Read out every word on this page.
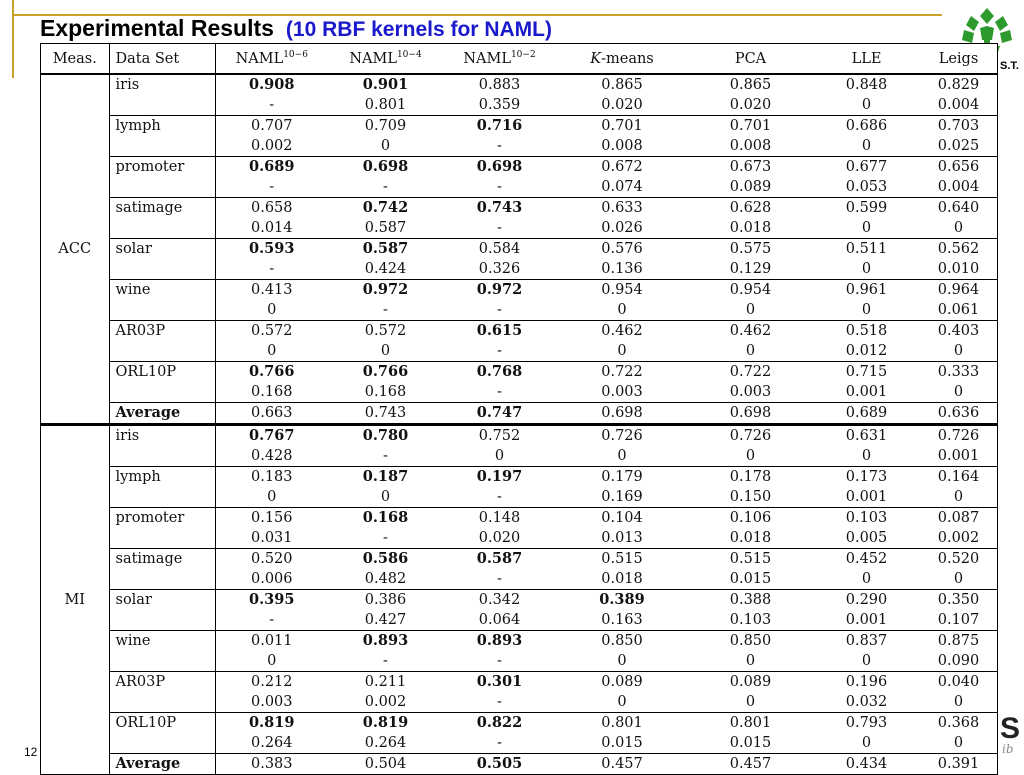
Experimental Results (10 RBF kernels for NAML)
S.T.
Meas.	Data Set	$NAML^{10-6}$	$NAML^{10-4}$	$NAML^{10-2}$	K-means	PCA	LLE	Leigs
ACC	iris	0.908	0.901	0.883	0.865	0.865	0.848	0.829
		-	0.801	0.359	0.020	0.020	0	0.004
	lymph	0.707	0.709	0.716	0.701	0.701	0.686	0.703
		0.002	0	-	0.008	0.008	0	0.025
	promoter	0.689	0.698	0.698	0.672	0.673	0.677	0.656
		-	-	-	0.074	0.089	0.053	0.004
	satimage	0.658	0.742	0.743	0.633	0.628	0.599	0.640
		0.014	0.587	-	0.026	0.018	0	0
	solar	0.593	0.587	0.584	0.576	0.575	0.511	0.562
		-	0.424	0.326	0.136	0.129	0	0.010
	wine	0.413	0.972	0.972	0.954	0.954	0.961	0.964
		0	-	-	0	0	0	0.061
	AR03P	0.572	0.572	0.615	0.462	0.462	0.518	0.403
		0	0	-	0	0	0.012	0
	ORL10P	0.766	0.766	0.768	0.722	0.722	0.715	0.333
		0.168	0.168	-	0.003	0.003	0.001	0
	Average	0.663	0.743	0.747	0.698	0.698	0.689	0.636
MI	iris	0.767	0.780	0.752	0.726	0.726	0.631	0.726
		0.428	-	0	0	0	0	0.001
	lymph	0.183	0.187	0.197	0.179	0.178	0.173	0.164
		0	0	-	0.169	0.150	0.001	0
	promoter	0.156	0.168	0.148	0.104	0.106	0.103	0.087
		0.031	-	0.020	0.013	0.018	0.005	0.002
	satimage	0.520	0.586	0.587	0.515	0.515	0.452	0.520
		0.006	0.482	-	0.018	0.015	0	0
	solar	0.395	0.386	0.342	0.389	0.388	0.290	0.350
		-	0.427	0.064	0.163	0.103	0.001	0.107
	wine	0.011	0.893	0.893	0.850	0.850	0.837	0.875
		0	-	-	0	0	0	0.090
	AR03P	0.212	0.211	0.301	0.089	0.089	0.196	0.040
		0.003	0.002	-	0	0	0.032	0
	ORL10P	0.819	0.819	0.822	0.801	0.801	0.793	0.368
		0.264	0.264	-	0.015	0.015	0	0
	Average	0.383	0.504	0.505	0.457	0.457	0.434	0.391
S
ib
12
